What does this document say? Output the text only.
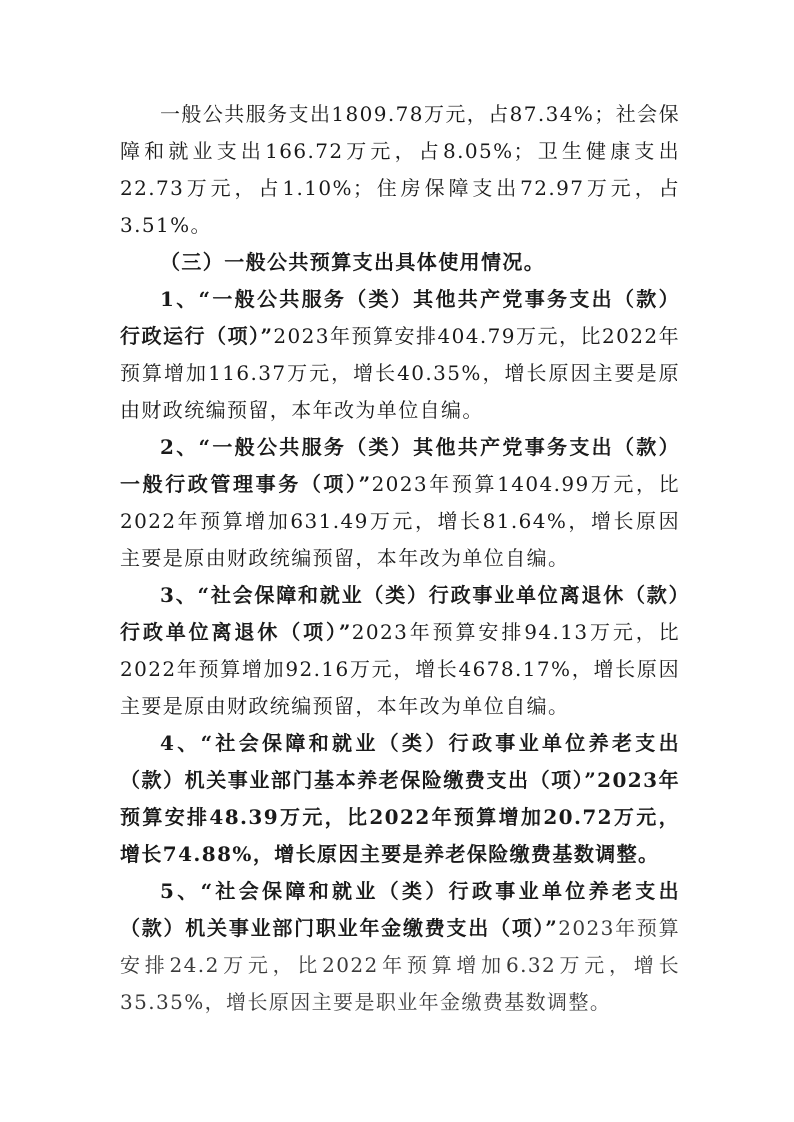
一般公共服务支出1809.78万元，占87.34%；社会保障和就业支出166.72万元，占8.05%；卫生健康支出22.73万元，占1.10%；住房保障支出72.97万元，占3.51%。

（三）一般公共预算支出具体使用情况。

1、“一般公共服务（类）其他共产党事务支出（款）行政运行（项）”2023年预算安排404.79万元，比2022年预算增加116.37万元，增长40.35%，增长原因主要是原由财政统编预留，本年改为单位自编。

2、“一般公共服务（类）其他共产党事务支出（款）一般行政管理事务（项）”2023年预算1404.99万元，比2022年预算增加631.49万元，增长81.64%，增长原因主要是原由财政统编预留，本年改为单位自编。

3、“社会保障和就业（类）行政事业单位离退休（款）行政单位离退休（项）”2023年预算安排94.13万元，比2022年预算增加92.16万元，增长4678.17%，增长原因主要是原由财政统编预留，本年改为单位自编。

4、“社会保障和就业（类）行政事业单位养老支出（款）机关事业部门基本养老保险缴费支出（项）”2023年预算安排48.39万元，比2022年预算增加20.72万元，增长74.88%，增长原因主要是养老保险缴费基数调整。

5、“社会保障和就业（类）行政事业单位养老支出（款）机关事业部门职业年金缴费支出（项）”2023年预算安排24.2万元，比2022年预算增加6.32万元，增长35.35%，增长原因主要是职业年金缴费基数调整。
